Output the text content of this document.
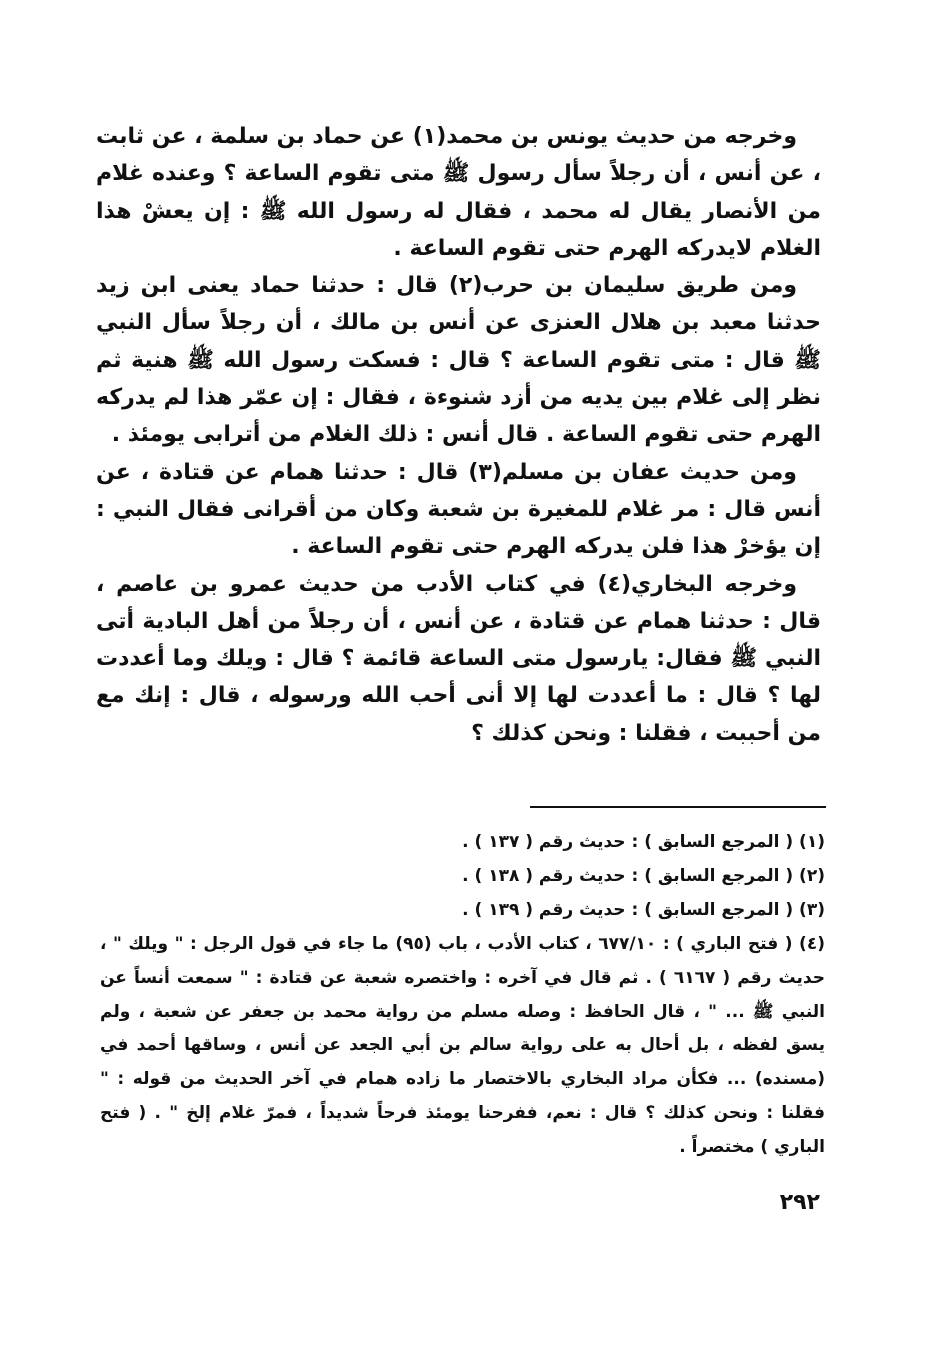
وخرجه من حديث يونس بن محمد(١) عن حماد بن سلمة ، عن ثابت ، عن أنس ، أن رجلاً سأل رسول ﷺ متى تقوم الساعة ؟ وعنده غلام من الأنصار يقال له محمد ، فقال له رسول الله ﷺ : إن يعشْ هذا الغلام لايدركه الهرم حتى تقوم الساعة .

ومن طريق سليمان بن حرب(٢) قال : حدثنا حماد يعنى ابن زيد حدثنا معبد بن هلال العنزى عن أنس بن مالك ، أن رجلاً سأل النبي ﷺ قال : متى تقوم الساعة ؟ قال : فسكت رسول الله ﷺ هنية ثم نظر إلى غلام بين يديه من أزد شنوءة ، فقال : إن عمّر هذا لم يدركه الهرم حتى تقوم الساعة . قال أنس : ذلك الغلام من أترابى يومئذ .

ومن حديث عفان بن مسلم(٣) قال : حدثنا همام عن قتادة ، عن أنس قال : مر غلام للمغيرة بن شعبة وكان من أقرانى فقال النبي : إن يؤخرْ هذا فلن يدركه الهرم حتى تقوم الساعة .

وخرجه البخاري(٤) في كتاب الأدب من حديث عمرو بن عاصم ، قال : حدثنا همام عن قتادة ، عن أنس ، أن رجلاً من أهل البادية أتى النبي ﷺ فقال: يارسول متى الساعة قائمة ؟ قال : ويلك وما أعددت لها ؟ قال : ما أعددت لها إلا أنى أحب الله ورسوله ، قال : إنك مع من أحببت ، فقلنا : ونحن كذلك ؟

(١) ( المرجع السابق ) : حديث رقم ( ١٣٧ ) .

(٢) ( المرجع السابق ) : حديث رقم ( ١٣٨ ) .

(٣) ( المرجع السابق ) : حديث رقم ( ١٣٩ ) .

(٤) ( فتح الباري ) : ٦٧٧/١٠ ، كتاب الأدب ، باب (٩٥) ما جاء في قول الرجل : " ويلك " ، حديث رقم ( ٦١٦٧ ) . ثم قال في آخره : واختصره شعبة عن قتادة : " سمعت أنساً عن النبي ﷺ ... " ، قال الحافظ : وصله مسلم من رواية محمد بن جعفر عن شعبة ، ولم يسق لفظه ، بل أحال به على رواية سالم بن أبي الجعد عن أنس ، وساقها أحمد في (مسنده) ... فكأن مراد البخاري بالاختصار ما زاده همام في آخر الحديث من قوله : " فقلنا : ونحن كذلك ؟ قال : نعم، ففرحنا يومئذ فرحاً شديداً ، فمرّ غلام إلخ " . ( فتح الباري ) مختصراً .

٢٩٢
